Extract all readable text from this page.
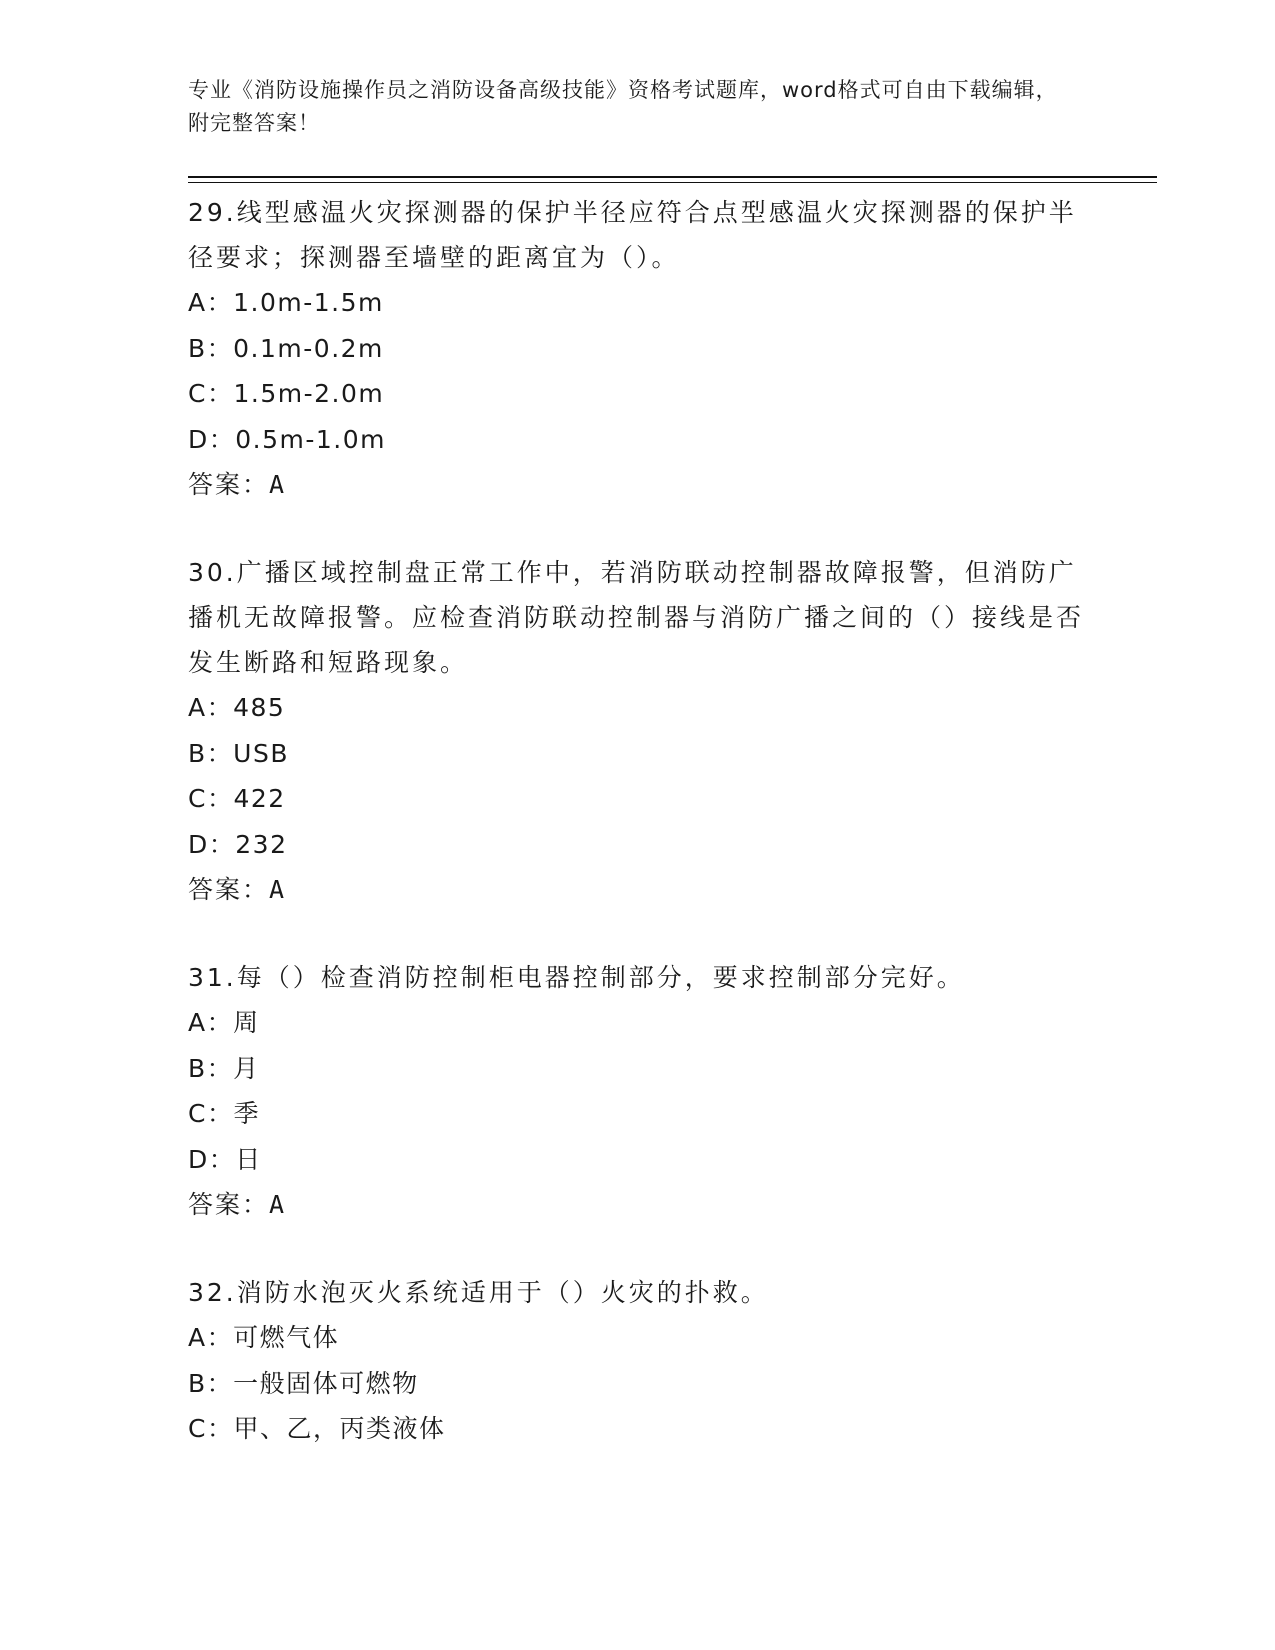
专业《消防设施操作员之消防设备高级技能》资格考试题库，word格式可自由下载编辑，附完整答案！
29.线型感温火灾探测器的保护半径应符合点型感温火灾探测器的保护半径要求；探测器至墙壁的距离宜为（）。
A：1.0m-1.5m
B：0.1m-0.2m
C：1.5m-2.0m
D：0.5m-1.0m
答案：A
30.广播区域控制盘正常工作中，若消防联动控制器故障报警，但消防广播机无故障报警。应检查消防联动控制器与消防广播之间的（）接线是否发生断路和短路现象。
A：485
B：USB
C：422
D：232
答案：A
31.每（）检查消防控制柜电器控制部分，要求控制部分完好。
A：周
B：月
C：季
D：日
答案：A
32.消防水泡灭火系统适用于（）火灾的扑救。
A：可燃气体
B：一般固体可燃物
C：甲、乙，丙类液体
